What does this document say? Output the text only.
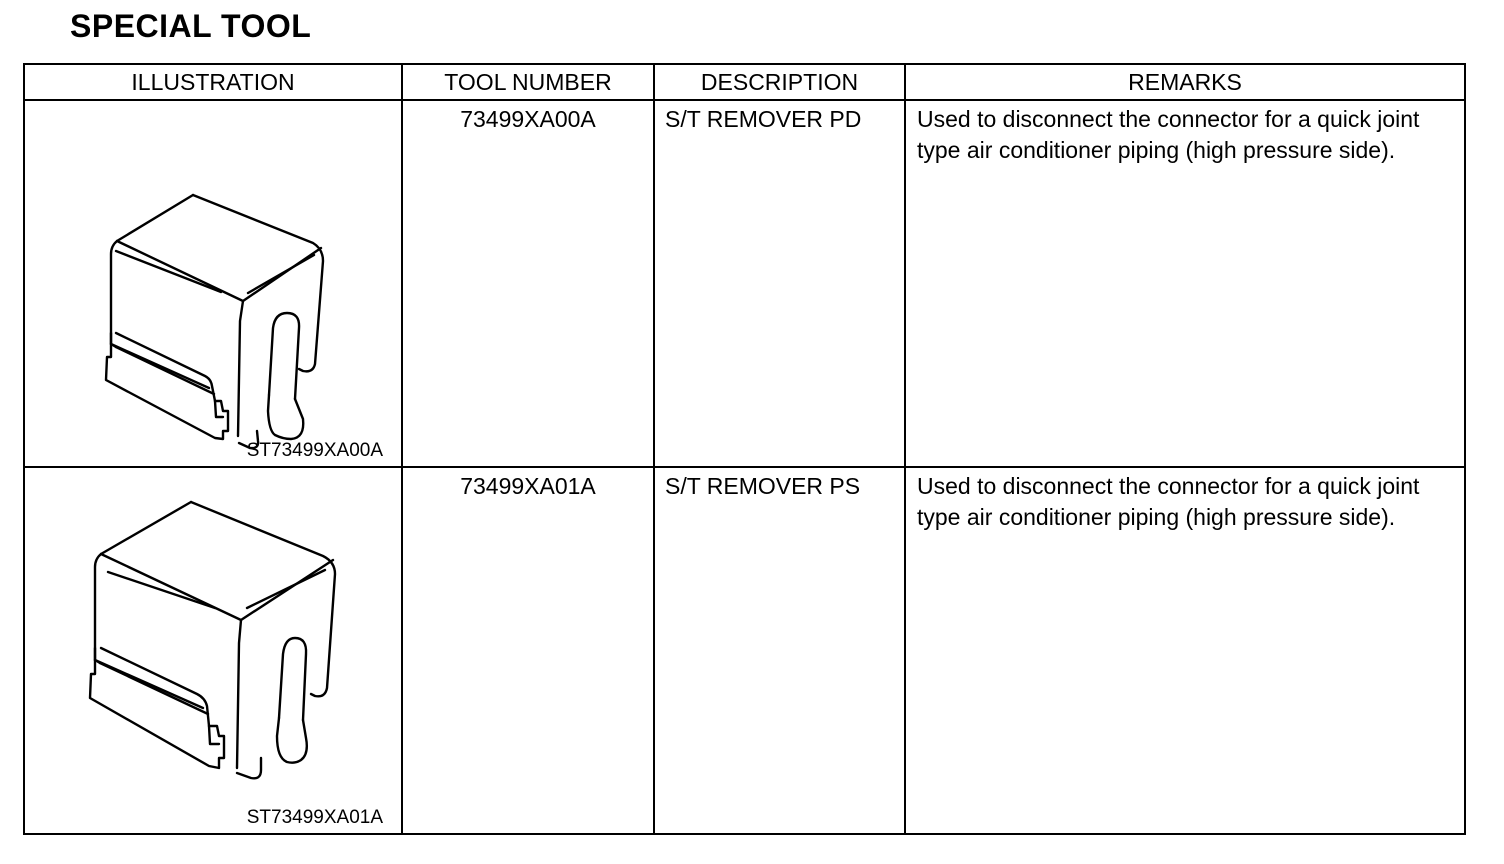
SPECIAL TOOL
ILLUSTRATION	TOOL NUMBER	DESCRIPTION	REMARKS

ST73499XA00A	73499XA00A	S/T REMOVER PD	Used to disconnect the connector for a quick joint type air conditioner piping (high pressure side).

ST73499XA01A	73499XA01A	S/T REMOVER PS	Used to disconnect the connector for a quick joint type air conditioner piping (high pressure side).
